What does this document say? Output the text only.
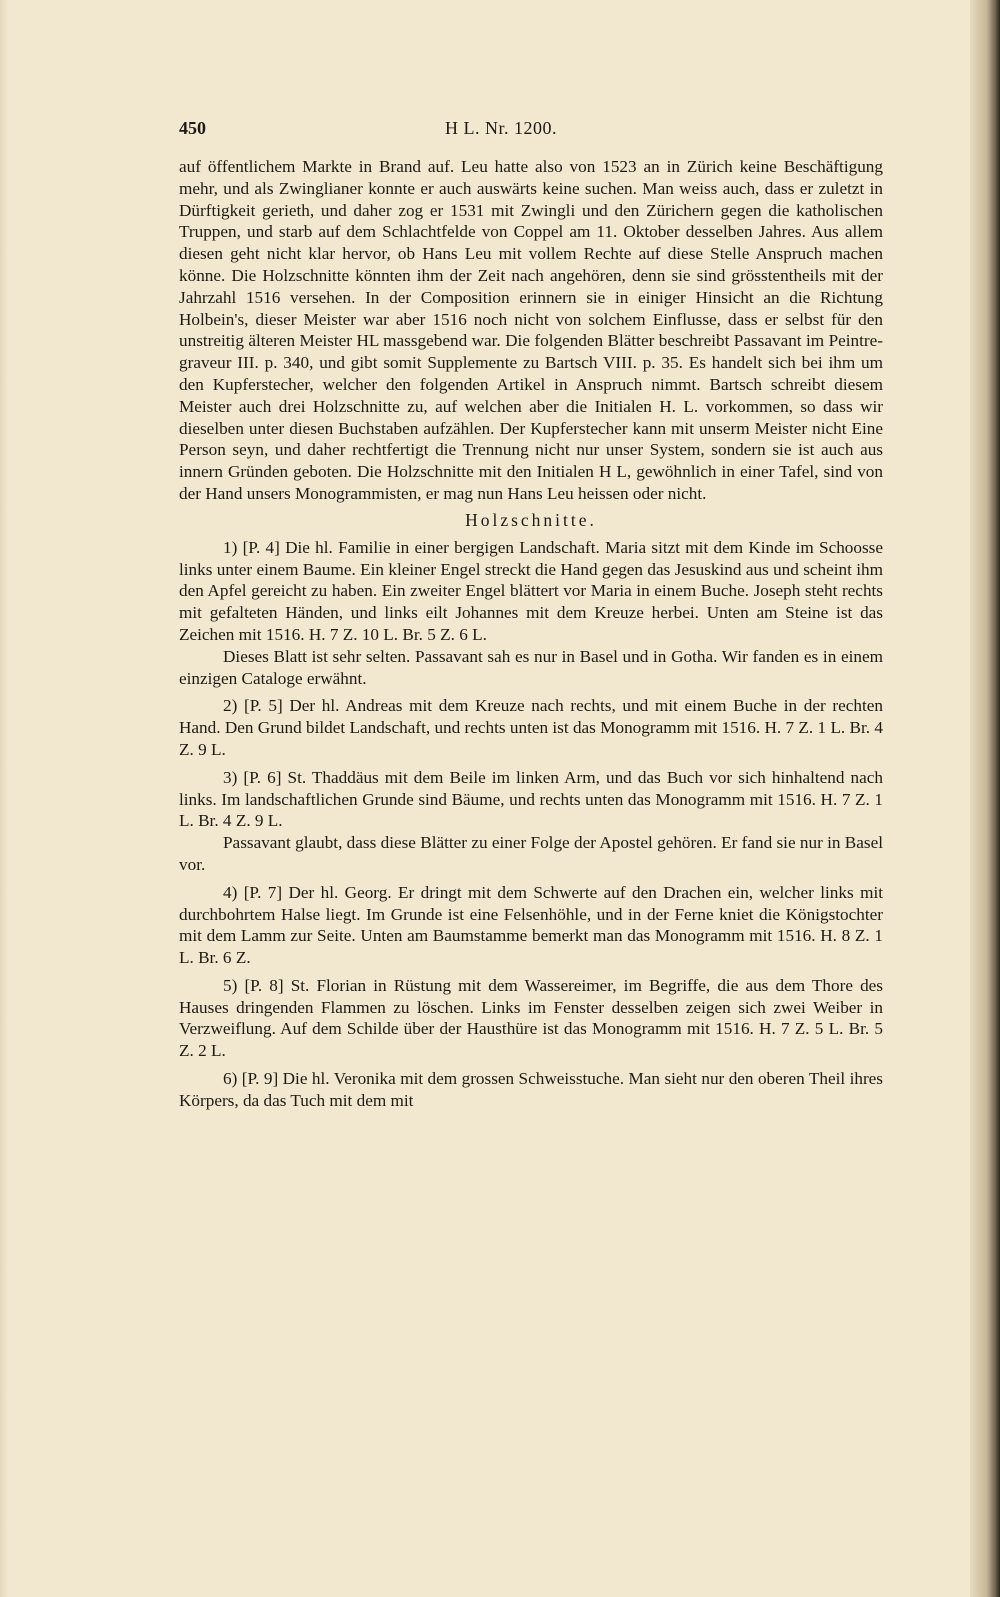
450	H L. Nr. 1200.

auf öffentlichem Markte in Brand auf. Leu hatte also von 1523 an in Zürich keine Beschäftigung mehr, und als Zwinglianer konnte er auch auswärts keine suchen. Man weiss auch, dass er zuletzt in Dürftigkeit gerieth, und daher zog er 1531 mit Zwingli und den Zürichern gegen die katholischen Truppen, und starb auf dem Schlachtfelde von Coppel am 11. Oktober desselben Jahres. Aus allem diesen geht nicht klar hervor, ob Hans Leu mit vollem Rechte auf diese Stelle Anspruch machen könne. Die Holzschnitte könnten ihm der Zeit nach angehören, denn sie sind grösstentheils mit der Jahrzahl 1516 versehen. In der Composition erinnern sie in einiger Hinsicht an die Richtung Holbein's, dieser Meister war aber 1516 noch nicht von solchem Einflusse, dass er selbst für den unstreitig älteren Meister HL massgebend war. Die folgenden Blätter beschreibt Passavant im Peintre-graveur III. p. 340, und gibt somit Supplemente zu Bartsch VIII. p. 35. Es handelt sich bei ihm um den Kupferstecher, welcher den folgenden Artikel in Anspruch nimmt. Bartsch schreibt diesem Meister auch drei Holzschnitte zu, auf welchen aber die Initialen H. L. vorkommen, so dass wir dieselben unter diesen Buchstaben aufzählen. Der Kupferstecher kann mit unserm Meister nicht Eine Person seyn, und daher rechtfertigt die Trennung nicht nur unser System, sondern sie ist auch aus innern Gründen geboten. Die Holzschnitte mit den Initialen H L, gewöhnlich in einer Tafel, sind von der Hand unsers Monogrammisten, er mag nun Hans Leu heissen oder nicht.

Holzschnitte.

1) [P. 4] Die hl. Familie in einer bergigen Landschaft. Maria sitzt mit dem Kinde im Schoosse links unter einem Baume. Ein kleiner Engel streckt die Hand gegen das Jesuskind aus und scheint ihm den Apfel gereicht zu haben. Ein zweiter Engel blättert vor Maria in einem Buche. Joseph steht rechts mit gefalteten Händen, und links eilt Johannes mit dem Kreuze herbei. Unten am Steine ist das Zeichen mit 1516. H. 7 Z. 10 L. Br. 5 Z. 6 L.

Dieses Blatt ist sehr selten. Passavant sah es nur in Basel und in Gotha. Wir fanden es in einem einzigen Cataloge erwähnt.

2) [P. 5] Der hl. Andreas mit dem Kreuze nach rechts, und mit einem Buche in der rechten Hand. Den Grund bildet Landschaft, und rechts unten ist das Monogramm mit 1516. H. 7 Z. 1 L. Br. 4 Z. 9 L.

3) [P. 6] St. Thaddäus mit dem Beile im linken Arm, und das Buch vor sich hinhaltend nach links. Im landschaftlichen Grunde sind Bäume, und rechts unten das Monogramm mit 1516. H. 7 Z. 1 L. Br. 4 Z. 9 L.

Passavant glaubt, dass diese Blätter zu einer Folge der Apostel gehören. Er fand sie nur in Basel vor.

4) [P. 7] Der hl. Georg. Er dringt mit dem Schwerte auf den Drachen ein, welcher links mit durchbohrtem Halse liegt. Im Grunde ist eine Felsenhöhle, und in der Ferne kniet die Königstochter mit dem Lamm zur Seite. Unten am Baumstamme bemerkt man das Monogramm mit 1516. H. 8 Z. 1 L. Br. 6 Z.

5) [P. 8] St. Florian in Rüstung mit dem Wassereimer, im Begriffe, die aus dem Thore des Hauses dringenden Flammen zu löschen. Links im Fenster desselben zeigen sich zwei Weiber in Verzweiflung. Auf dem Schilde über der Hausthüre ist das Monogramm mit 1516. H. 7 Z. 5 L. Br. 5 Z. 2 L.

6) [P. 9] Die hl. Veronika mit dem grossen Schweisstuche. Man sieht nur den oberen Theil ihres Körpers, da das Tuch mit dem mit
